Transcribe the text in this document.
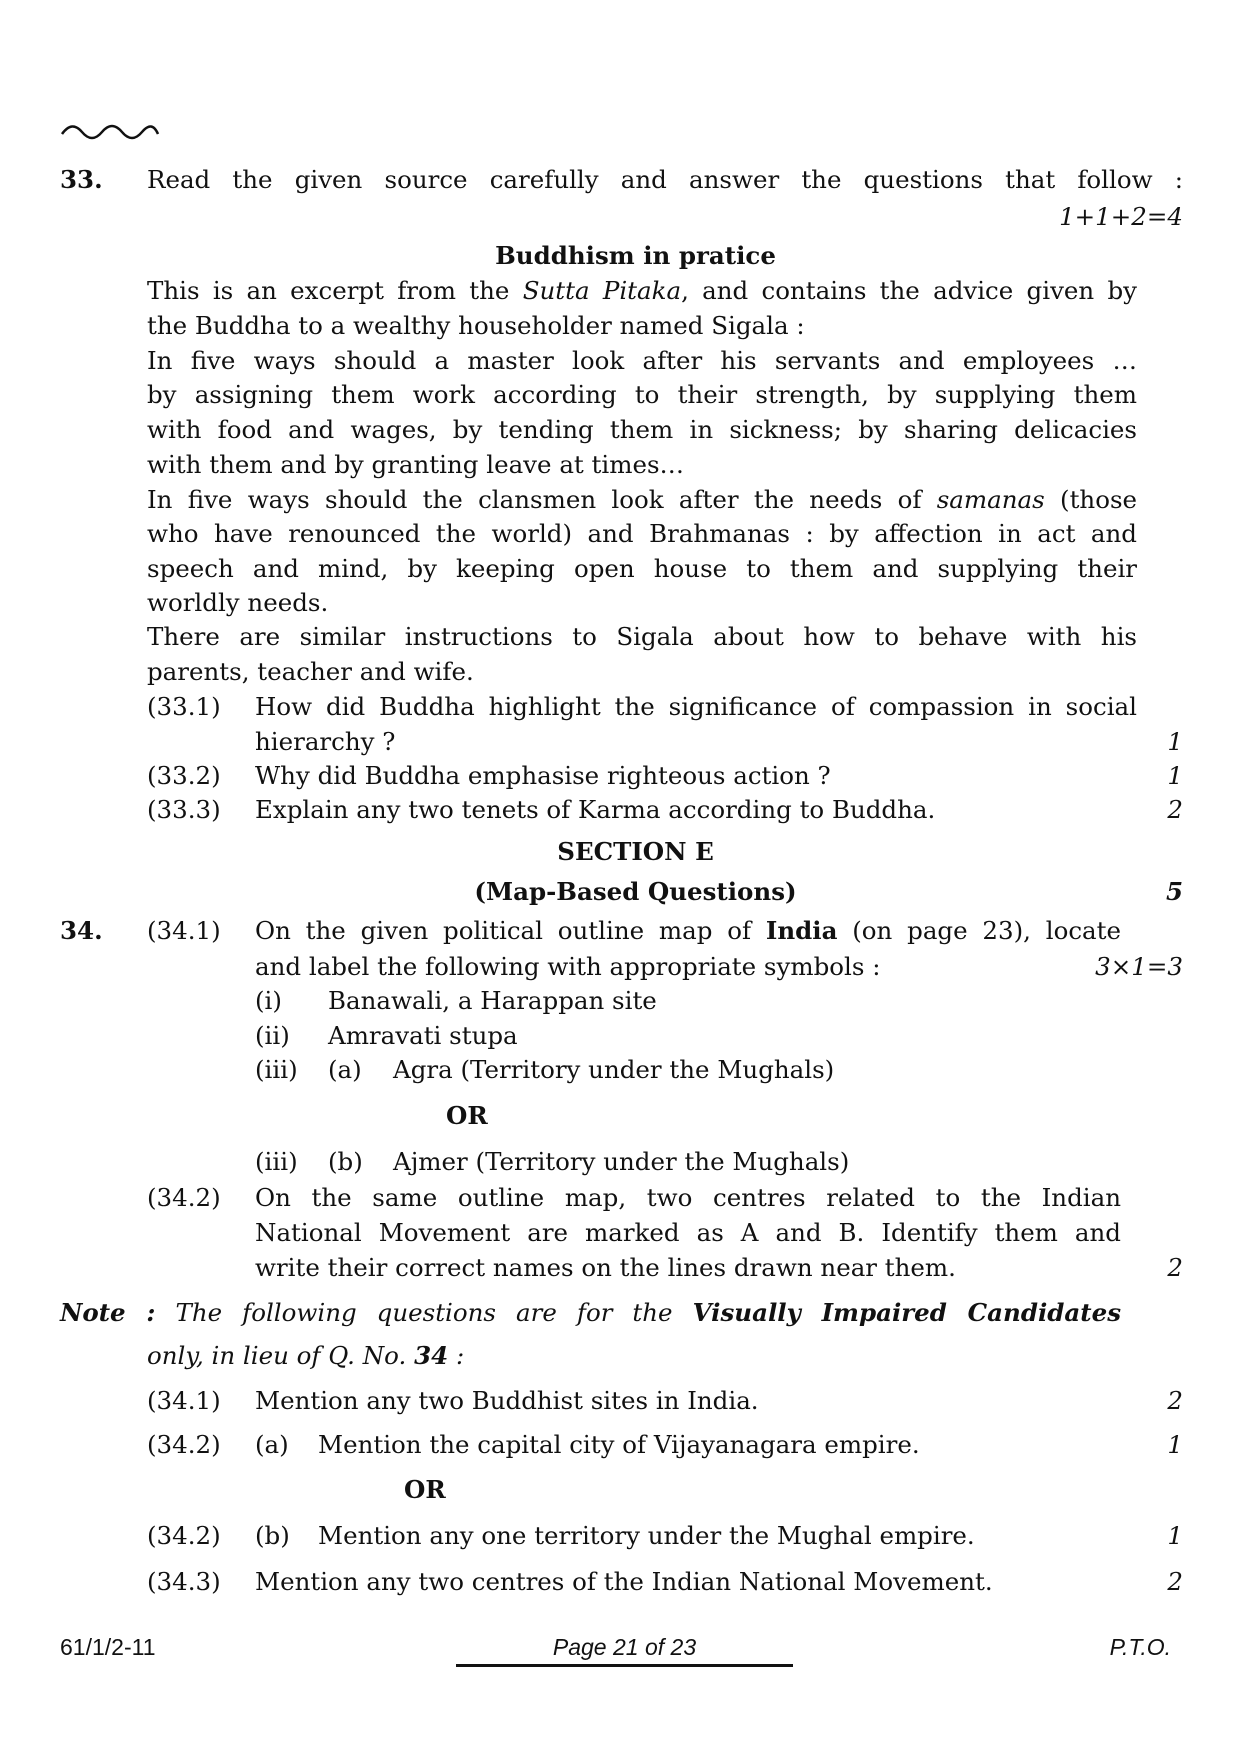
33. Read the given source carefully and answer the questions that follow :
1+1+2=4
Buddhism in pratice
This is an excerpt from the Sutta Pitaka, and contains the advice given by
the Buddha to a wealthy householder named Sigala :
In five ways should a master look after his servants and employees …
by assigning them work according to their strength, by supplying them
with food and wages, by tending them in sickness; by sharing delicacies
with them and by granting leave at times…
In five ways should the clansmen look after the needs of samanas (those
who have renounced the world) and Brahmanas : by affection in act and
speech and mind, by keeping open house to them and supplying their
worldly needs.
There are similar instructions to Sigala about how to behave with his
parents, teacher and wife.
(33.1) How did Buddha highlight the significance of compassion in social
hierarchy ?	1
(33.2) Why did Buddha emphasise righteous action ?	1
(33.3) Explain any two tenets of Karma according to Buddha.	2
SECTION E
(Map-Based Questions)	5
34. (34.1) On the given political outline map of India (on page 23), locate
and label the following with appropriate symbols :	3×1=3
(i) Banawali, a Harappan site
(ii) Amravati stupa
(iii) (a) Agra (Territory under the Mughals)
OR
(iii) (b) Ajmer (Territory under the Mughals)
(34.2) On the same outline map, two centres related to the Indian
National Movement are marked as A and B. Identify them and
write their correct names on the lines drawn near them.	2
Note : The following questions are for the Visually Impaired Candidates
only, in lieu of Q. No. 34 :
(34.1) Mention any two Buddhist sites in India.	2
(34.2) (a) Mention the capital city of Vijayanagara empire.	1
OR
(34.2) (b) Mention any one territory under the Mughal empire.	1
(34.3) Mention any two centres of the Indian National Movement.	2
61/1/2-11	Page 21 of 23	P.T.O.
